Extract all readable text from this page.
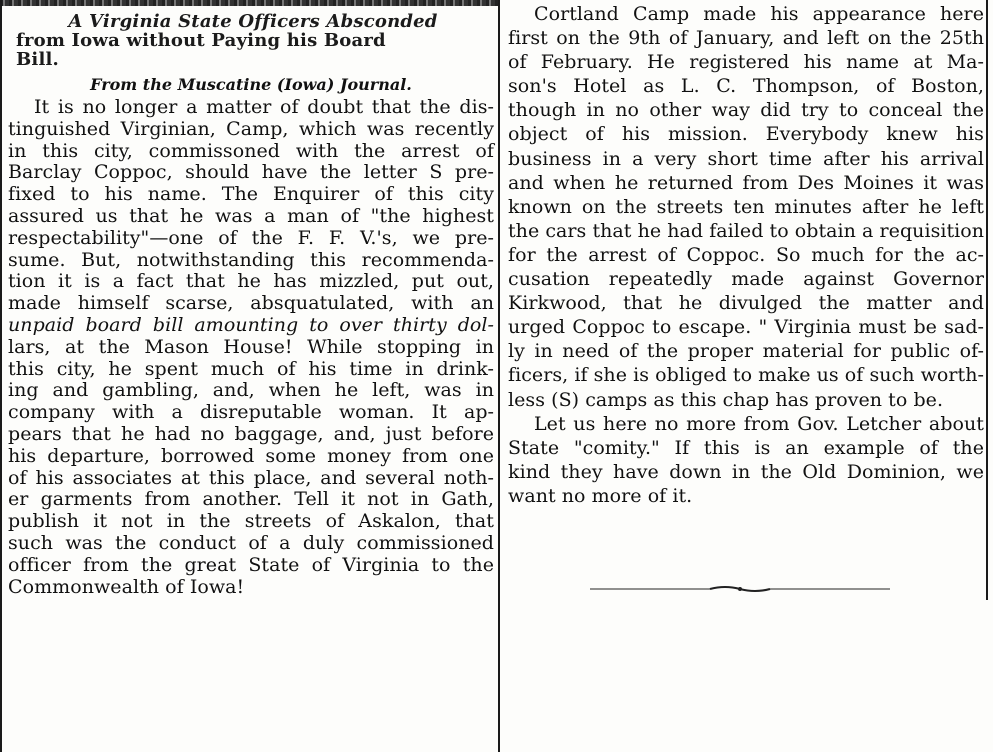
A Virginia State Officers Absconded
from Iowa without Paying his Board
Bill.
From the Muscatine (Iowa) Journal.
It is no longer a matter of doubt that the dis-
tinguished Virginian, Camp, which was recently
in this city, commissoned with the arrest of
Barclay Coppoc, should have the letter S pre-
fixed to his name. The Enquirer of this city
assured us that he was a man of "the highest
respectability"—one of the F. F. V.'s, we pre-
sume. But, notwithstanding this recommenda-
tion it is a fact that he has mizzled, put out,
made himself scarse, absquatulated, with an
unpaid board bill amounting to over thirty dol-
lars, at the Mason House! While stopping in
this city, he spent much of his time in drink-
ing and gambling, and, when he left, was in
company with a disreputable woman. It ap-
pears that he had no baggage, and, just before
his departure, borrowed some money from one
of his associates at this place, and several noth-
er garments from another. Tell it not in Gath,
publish it not in the streets of Askalon, that
such was the conduct of a duly commissioned
officer from the great State of Virginia to the
Commonwealth of Iowa!
Cortland Camp made his appearance here
first on the 9th of January, and left on the 25th
of February. He registered his name at Ma-
son's Hotel as L. C. Thompson, of Boston,
though in no other way did try to conceal the
object of his mission. Everybody knew his
business in a very short time after his arrival
and when he returned from Des Moines it was
known on the streets ten minutes after he left
the cars that he had failed to obtain a requisition
for the arrest of Coppoc. So much for the ac-
cusation repeatedly made against Governor
Kirkwood, that he divulged the matter and
urged Coppoc to escape. " Virginia must be sad-
ly in need of the proper material for public of-
ficers, if she is obliged to make us of such worth-
less (S) camps as this chap has proven to be.
Let us here no more from Gov. Letcher about
State "comity." If this is an example of the
kind they have down in the Old Dominion, we
want no more of it.
